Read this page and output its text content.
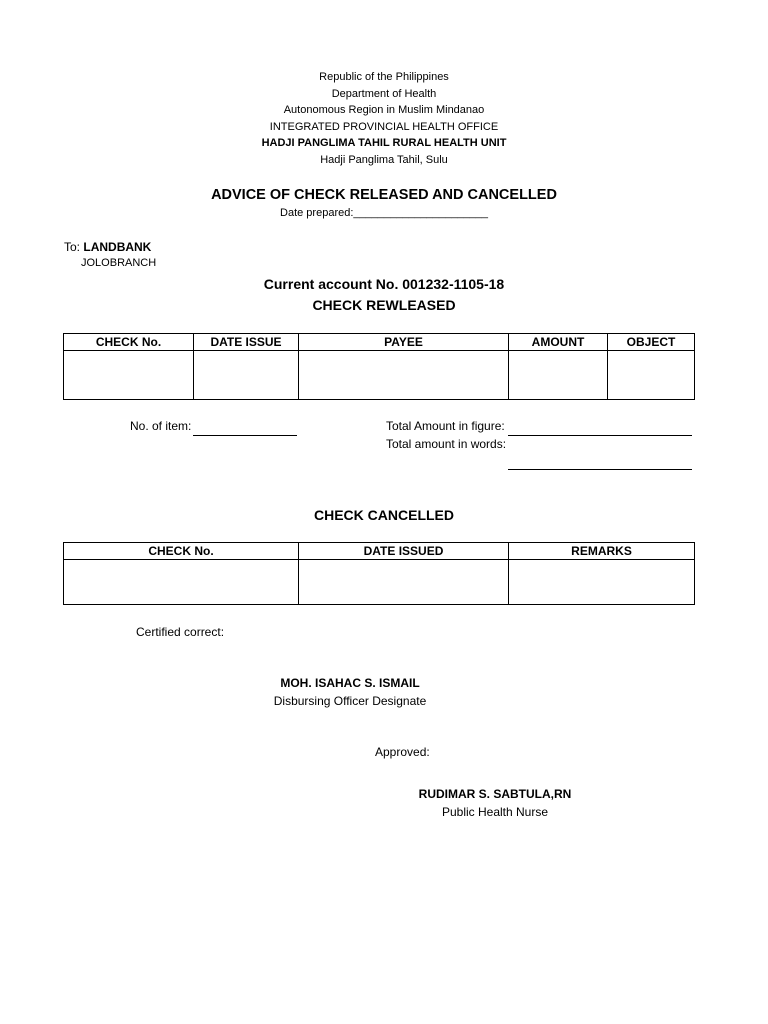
Republic of the Philippines
Department of Health
Autonomous Region in Muslim Mindanao
INTEGRATED PROVINCIAL HEALTH OFFICE
HADJI PANGLIMA TAHIL RURAL HEALTH UNIT
Hadji Panglima Tahil, Sulu
ADVICE OF CHECK RELEASED AND CANCELLED
Date prepared:______________________
To: LANDBANK
JOLOBRANCH
Current account No. 001232-1105-18
CHECK REWLEASED
CHECK No.	DATE ISSUE	PAYEE	AMOUNT	OBJECT

No. of item:	Total Amount in figure:
Total amount in words:
CHECK CANCELLED
CHECK No.	DATE ISSUED	REMARKS

Certified correct:
MOH. ISAHAC S. ISMAIL
Disbursing Officer Designate
Approved:
RUDIMAR S. SABTULA,RN
Public Health Nurse
